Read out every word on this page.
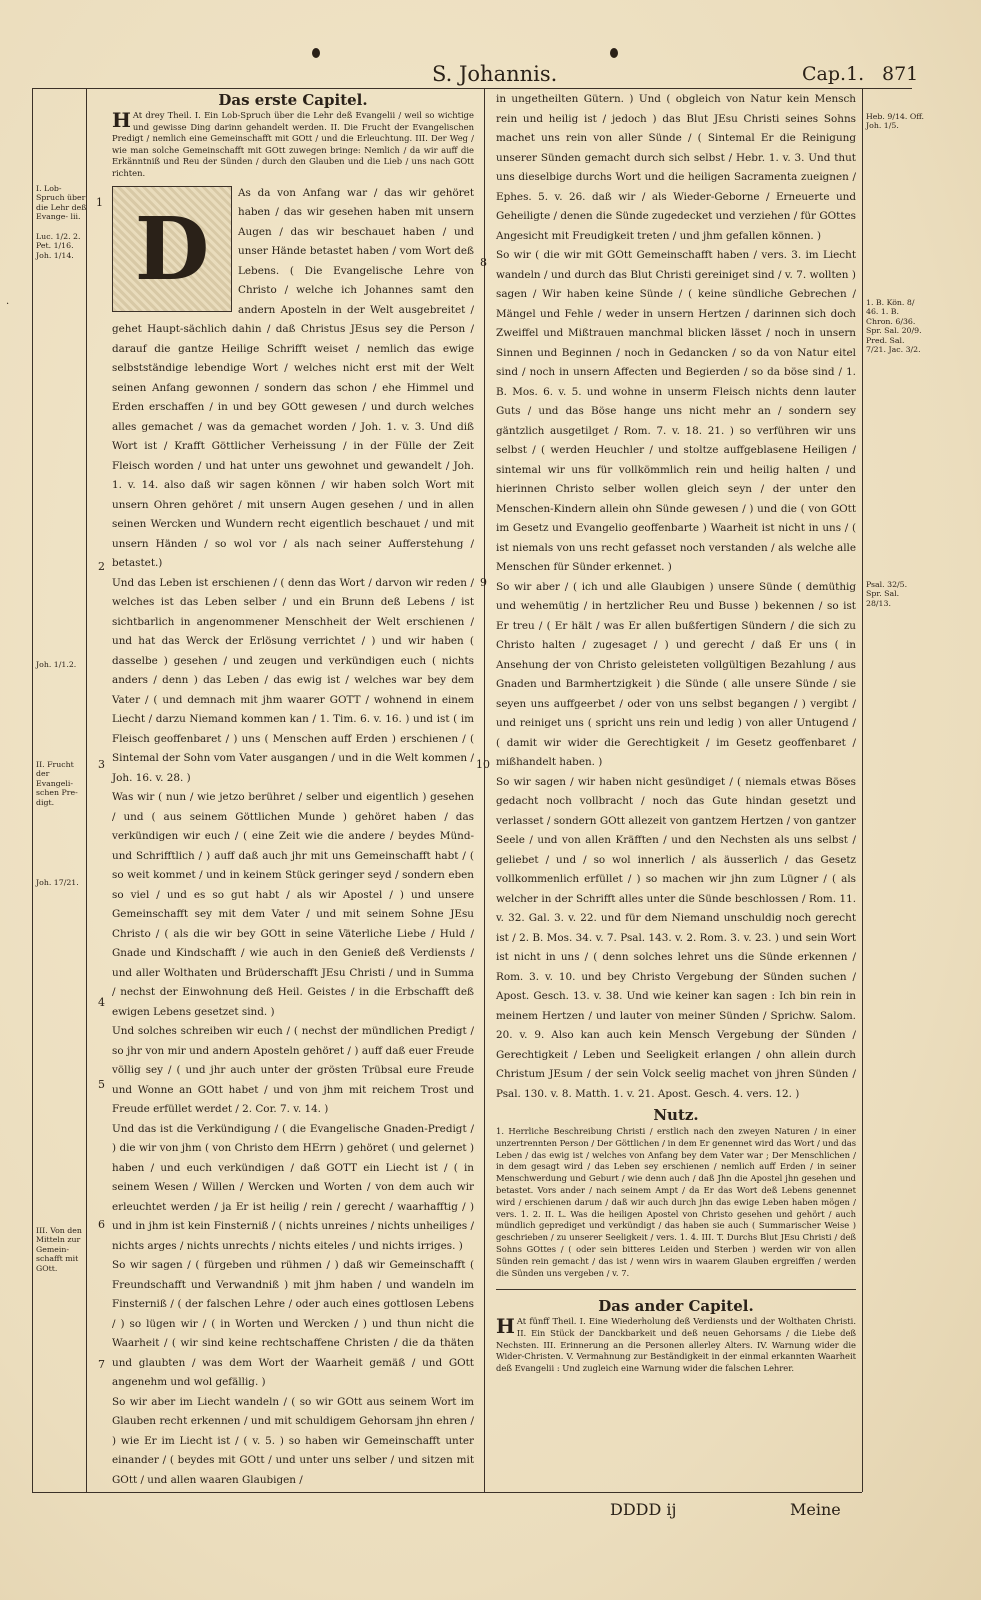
S. Johannis.	Cap.1. 871
.
1
2
3
4
5
6
7
8
9
10
I. Lob-Spruch über die Lehr deß Evange- lii.
Luc. 1/2. 2. Pet. 1/16. Joh. 1/14.
Joh. 1/1.2.
II. Frucht der Evangeli- schen Pre- digt.
Joh. 17/21.
III. Von den Mitteln zur Gemein- schafft mit GOtt.
Heb. 9/14. Off. Joh. 1/5.
1. B. Kön. 8/ 46. 1. B. Chron. 6/36. Spr. Sal. 20/9. Pred. Sal. 7/21. Jac. 3/2.
Psal. 32/5. Spr. Sal. 28/13.

Das erste Capitel.

H At drey Theil. I. Ein Lob-Spruch über die Lehr deß Evangelii / weil so wichtige und gewisse Ding darinn gehandelt werden. II. Die Frucht der Evangelischen Predigt / nemlich eine Gemeinschafft mit GOtt / und die Erleuchtung. III. Der Weg / wie man solche Gemeinschafft mit GOtt zuwegen bringe: Nemlich / da wir auff die Erkänntniß und Reu der Sünden / durch den Glauben und die Lieb / uns nach GOtt richten.

D
As da von Anfang war / das wir gehöret haben / das wir gesehen haben mit unsern Augen / das wir beschauet haben / und unser Hände betastet haben / vom Wort deß Lebens. ( Die Evangelische Lehre von Christo / welche ich Johannes samt den andern Aposteln in der Welt ausgebreitet / gehet Haupt-sächlich dahin / daß Christus JEsus sey die Person / darauf die gantze Heilige Schrifft weiset / nemlich das ewige selbstständige lebendige Wort / welches nicht erst mit der Welt seinen Anfang gewonnen / sondern das schon / ehe Himmel und Erden erschaffen / in und bey GOtt gewesen / und durch welches alles gemachet / was da gemachet worden / Joh. 1. v. 3. Und diß Wort ist / Krafft Göttlicher Verheissung / in der Fülle der Zeit Fleisch worden / und hat unter uns gewohnet und gewandelt / Joh. 1. v. 14. also daß wir sagen können / wir haben solch Wort mit unsern Ohren gehöret / mit unsern Augen gesehen / und in allen seinen Wercken und Wundern recht eigentlich beschauet / und mit unsern Händen / so wol vor / als nach seiner Aufferstehung / betastet.)

Und das Leben ist erschienen / ( denn das Wort / darvon wir reden / welches ist das Leben selber / und ein Brunn deß Lebens / ist sichtbarlich in angenommener Menschheit der Welt erschienen / und hat das Werck der Erlösung verrichtet / ) und wir haben ( dasselbe ) gesehen / und zeugen und verkündigen euch ( nichts anders / denn ) das Leben / das ewig ist / welches war bey dem Vater / ( und demnach mit jhm waarer GOTT / wohnend in einem Liecht / darzu Niemand kommen kan / 1. Tim. 6. v. 16. ) und ist ( im Fleisch geoffenbaret / ) uns ( Menschen auff Erden ) erschienen / ( Sintemal der Sohn vom Vater ausgangen / und in die Welt kommen / Joh. 16. v. 28. )

Was wir ( nun / wie jetzo berühret / selber und eigentlich ) gesehen / und ( aus seinem Göttlichen Munde ) gehöret haben / das verkündigen wir euch / ( eine Zeit wie die andere / beydes Münd- und Schrifftlich / ) auff daß auch jhr mit uns Gemeinschafft habt / ( so weit kommet / und in keinem Stück geringer seyd / sondern eben so viel / und es so gut habt / als wir Apostel / ) und unsere Gemeinschafft sey mit dem Vater / und mit seinem Sohne JEsu Christo / ( als die wir bey GOtt in seine Väterliche Liebe / Huld / Gnade und Kindschafft / wie auch in den Genieß deß Verdiensts / und aller Wolthaten und Brüderschafft JEsu Christi / und in Summa / nechst der Einwohnung deß Heil. Geistes / in die Erbschafft deß ewigen Lebens gesetzet sind. )

Und solches schreiben wir euch / ( nechst der mündlichen Predigt / so jhr von mir und andern Aposteln gehöret / ) auff daß euer Freude völlig sey / ( und jhr auch unter der grösten Trübsal eure Freude und Wonne an GOtt habet / und von jhm mit reichem Trost und Freude erfüllet werdet / 2. Cor. 7. v. 14. )

Und das ist die Verkündigung / ( die Evangelische Gnaden-Predigt / ) die wir von jhm ( von Christo dem HErrn ) gehöret ( und gelernet ) haben / und euch verkündigen / daß GOTT ein Liecht ist / ( in seinem Wesen / Willen / Wercken und Worten / von dem auch wir erleuchtet werden / ja Er ist heilig / rein / gerecht / waarhafftig / ) und in jhm ist kein Finsterniß / ( nichts unreines / nichts unheiliges / nichts arges / nichts unrechts / nichts eiteles / und nichts irriges. )

So wir sagen / ( fürgeben und rühmen / ) daß wir Gemeinschafft ( Freundschafft und Verwandniß ) mit jhm haben / und wandeln im Finsterniß / ( der falschen Lehre / oder auch eines gottlosen Lebens / ) so lügen wir / ( in Worten und Wercken / ) und thun nicht die Waarheit / ( wir sind keine rechtschaffene Christen / die da thäten und glaubten / was dem Wort der Waarheit gemäß / und GOtt angenehm und wol gefällig. )

So wir aber im Liecht wandeln / ( so wir GOtt aus seinem Wort im Glauben recht erkennen / und mit schuldigem Gehorsam jhn ehren / ) wie Er im Liecht ist / ( v. 5. ) so haben wir Gemeinschafft unter einander / ( beydes mit GOtt / und unter uns selber / und sitzen mit GOtt / und allen waaren Glaubigen /

in ungetheilten Gütern. ) Und ( obgleich von Natur kein Mensch rein und heilig ist / jedoch ) das Blut JEsu Christi seines Sohns machet uns rein von aller Sünde / ( Sintemal Er die Reinigung unserer Sünden gemacht durch sich selbst / Hebr. 1. v. 3. Und thut uns dieselbige durchs Wort und die heiligen Sacramenta zueignen / Ephes. 5. v. 26. daß wir / als Wieder-Geborne / Erneuerte und Geheiligte / denen die Sünde zugedecket und verziehen / für GOttes Angesicht mit Freudigkeit treten / und jhm gefallen können. )

So wir ( die wir mit GOtt Gemeinschafft haben / vers. 3. im Liecht wandeln / und durch das Blut Christi gereiniget sind / v. 7. wollten ) sagen / Wir haben keine Sünde / ( keine sündliche Gebrechen / Mängel und Fehle / weder in unsern Hertzen / darinnen sich doch Zweiffel und Mißtrauen manchmal blicken lässet / noch in unsern Sinnen und Beginnen / noch in Gedancken / so da von Natur eitel sind / noch in unsern Affecten und Begierden / so da böse sind / 1. B. Mos. 6. v. 5. und wohne in unserm Fleisch nichts denn lauter Guts / und das Böse hange uns nicht mehr an / sondern sey gäntzlich ausgetilget / Rom. 7. v. 18. 21. ) so verführen wir uns selbst / ( werden Heuchler / und stoltze auffgeblasene Heiligen / sintemal wir uns für vollkömmlich rein und heilig halten / und hierinnen Christo selber wollen gleich seyn / der unter den Menschen-Kindern allein ohn Sünde gewesen / ) und die ( von GOtt im Gesetz und Evangelio geoffenbarte ) Waarheit ist nicht in uns / ( ist niemals von uns recht gefasset noch verstanden / als welche alle Menschen für Sünder erkennet. )

So wir aber / ( ich und alle Glaubigen ) unsere Sünde ( demüthig und wehemütig / in hertzlicher Reu und Busse ) bekennen / so ist Er treu / ( Er hält / was Er allen bußfertigen Sündern / die sich zu Christo halten / zugesaget / ) und gerecht / daß Er uns ( in Ansehung der von Christo geleisteten vollgültigen Bezahlung / aus Gnaden und Barmhertzigkeit ) die Sünde ( alle unsere Sünde / sie seyen uns auffgeerbet / oder von uns selbst begangen / ) vergibt / und reiniget uns ( spricht uns rein und ledig ) von aller Untugend / ( damit wir wider die Gerechtigkeit / im Gesetz geoffenbaret / mißhandelt haben. )

So wir sagen / wir haben nicht gesündiget / ( niemals etwas Böses gedacht noch vollbracht / noch das Gute hindan gesetzt und verlasset / sondern GOtt allezeit von gantzem Hertzen / von gantzer Seele / und von allen Kräfften / und den Nechsten als uns selbst / geliebet / und / so wol innerlich / als äusserlich / das Gesetz vollkommenlich erfüllet / ) so machen wir jhn zum Lügner / ( als welcher in der Schrifft alles unter die Sünde beschlossen / Rom. 11. v. 32. Gal. 3. v. 22. und für dem Niemand unschuldig noch gerecht ist / 2. B. Mos. 34. v. 7. Psal. 143. v. 2. Rom. 3. v. 23. ) und sein Wort ist nicht in uns / ( denn solches lehret uns die Sünde erkennen / Rom. 3. v. 10. und bey Christo Vergebung der Sünden suchen / Apost. Gesch. 13. v. 38. Und wie keiner kan sagen : Ich bin rein in meinem Hertzen / und lauter von meiner Sünden / Sprichw. Salom. 20. v. 9. Also kan auch kein Mensch Vergebung der Sünden / Gerechtigkeit / Leben und Seeligkeit erlangen / ohn allein durch Christum JEsum / der sein Volck seelig machet von jhren Sünden / Psal. 130. v. 8. Matth. 1. v. 21. Apost. Gesch. 4. vers. 12. )

Nutz.

1. Herrliche Beschreibung Christi / erstlich nach den zweyen Naturen / in einer unzertrennten Person / Der Göttlichen / in dem Er genennet wird das Wort / und das Leben / das ewig ist / welches von Anfang bey dem Vater war ; Der Menschlichen / in dem gesagt wird / das Leben sey erschienen / nemlich auff Erden / in seiner Menschwerdung und Geburt / wie denn auch / daß Jhn die Apostel jhn gesehen und betastet. Vors ander / nach seinem Ampt / da Er das Wort deß Lebens genennet wird / erschienen darum / daß wir auch durch jhn das ewige Leben haben mögen / vers. 1. 2. II. L. Was die heiligen Apostel von Christo gesehen und gehört / auch mündlich geprediget und verkündigt / das haben sie auch ( Summarischer Weise ) geschrieben / zu unserer Seeligkeit / vers. 1. 4. III. T. Durchs Blut JEsu Christi / deß Sohns GOttes / ( oder sein bitteres Leiden und Sterben ) werden wir von allen Sünden rein gemacht / das ist / wenn wirs in waarem Glauben ergreiffen / werden die Sünden uns vergeben / v. 7.

Das ander Capitel.

H At fünff Theil. I. Eine Wiederholung deß Verdiensts und der Wolthaten Christi. II. Ein Stück der Danckbarkeit und deß neuen Gehorsams / die Liebe deß Nechsten. III. Erinnerung an die Personen allerley Alters. IV. Warnung wider die Wider-Christen. V. Vermahnung zur Beständigkeit in der einmal erkannten Waarheit deß Evangelii : Und zugleich eine Warnung wider die falschen Lehrer.

DDDD ij	Meine
